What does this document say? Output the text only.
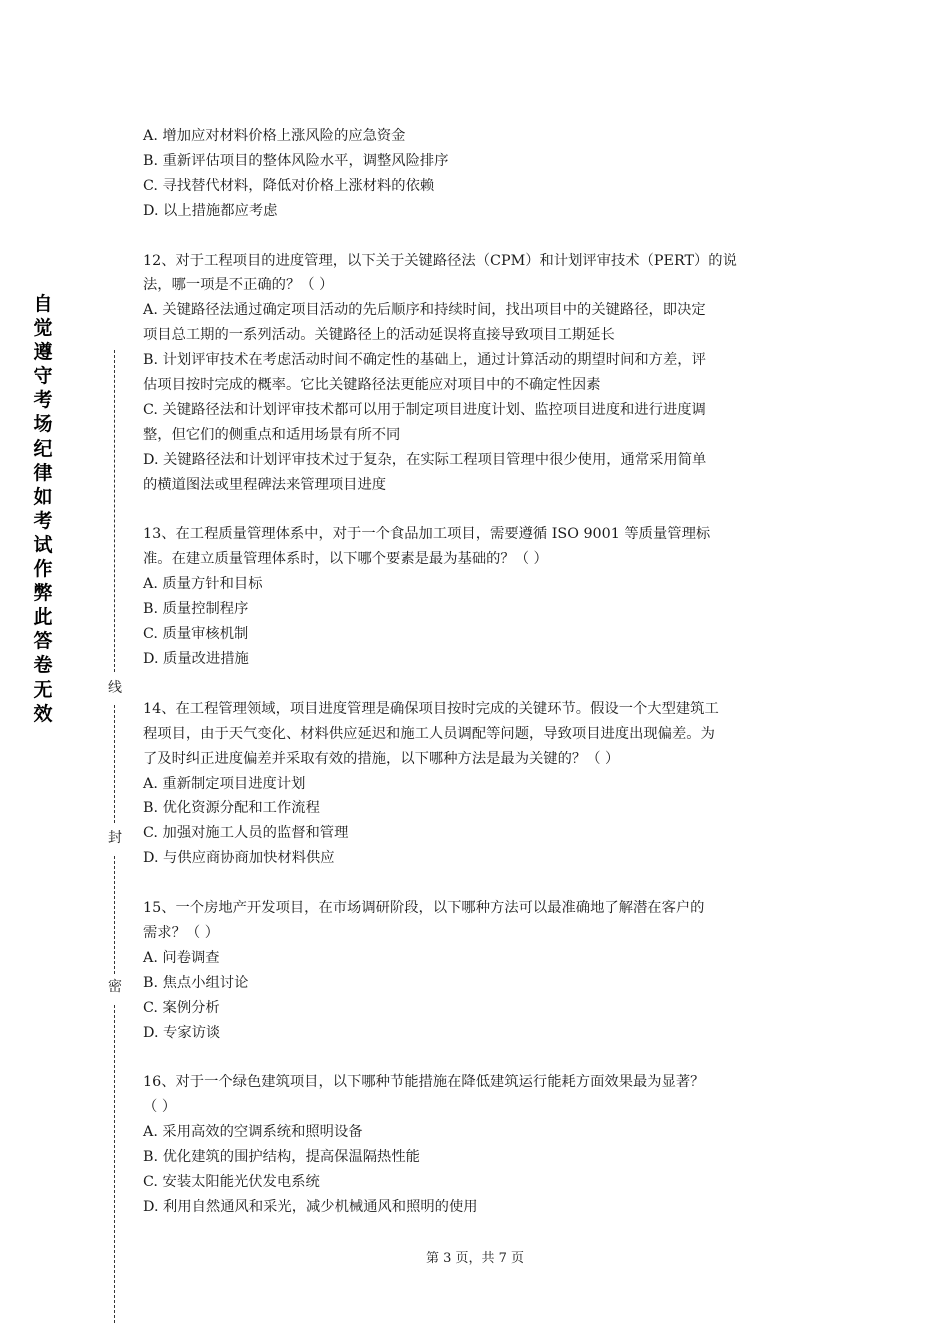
自觉遵守考场纪律如考试作弊此答卷无效
线
封
密
A. 增加应对材料价格上涨风险的应急资金
B. 重新评估项目的整体风险水平，调整风险排序
C. 寻找替代材料，降低对价格上涨材料的依赖
D. 以上措施都应考虑
12、对于工程项目的进度管理，以下关于关键路径法（CPM）和计划评审技术（PERT）的说
法，哪一项是不正确的？（ ）
A. 关键路径法通过确定项目活动的先后顺序和持续时间，找出项目中的关键路径，即决定
项目总工期的一系列活动。关键路径上的活动延误将直接导致项目工期延长
B. 计划评审技术在考虑活动时间不确定性的基础上，通过计算活动的期望时间和方差，评
估项目按时完成的概率。它比关键路径法更能应对项目中的不确定性因素
C. 关键路径法和计划评审技术都可以用于制定项目进度计划、监控项目进度和进行进度调
整，但它们的侧重点和适用场景有所不同
D. 关键路径法和计划评审技术过于复杂，在实际工程项目管理中很少使用，通常采用简单
的横道图法或里程碑法来管理项目进度
13、在工程质量管理体系中，对于一个食品加工项目，需要遵循 ISO 9001 等质量管理标
准。在建立质量管理体系时，以下哪个要素是最为基础的？（ ）
A. 质量方针和目标
B. 质量控制程序
C. 质量审核机制
D. 质量改进措施
14、在工程管理领域，项目进度管理是确保项目按时完成的关键环节。假设一个大型建筑工
程项目，由于天气变化、材料供应延迟和施工人员调配等问题，导致项目进度出现偏差。为
了及时纠正进度偏差并采取有效的措施，以下哪种方法是最为关键的？（ ）
A. 重新制定项目进度计划
B. 优化资源分配和工作流程
C. 加强对施工人员的监督和管理
D. 与供应商协商加快材料供应
15、一个房地产开发项目，在市场调研阶段，以下哪种方法可以最准确地了解潜在客户的
需求？（ ）
A. 问卷调查
B. 焦点小组讨论
C. 案例分析
D. 专家访谈
16、对于一个绿色建筑项目，以下哪种节能措施在降低建筑运行能耗方面效果最为显著？
（ ）
A. 采用高效的空调系统和照明设备
B. 优化建筑的围护结构，提高保温隔热性能
C. 安装太阳能光伏发电系统
D. 利用自然通风和采光，减少机械通风和照明的使用
第 3 页，共 7 页
